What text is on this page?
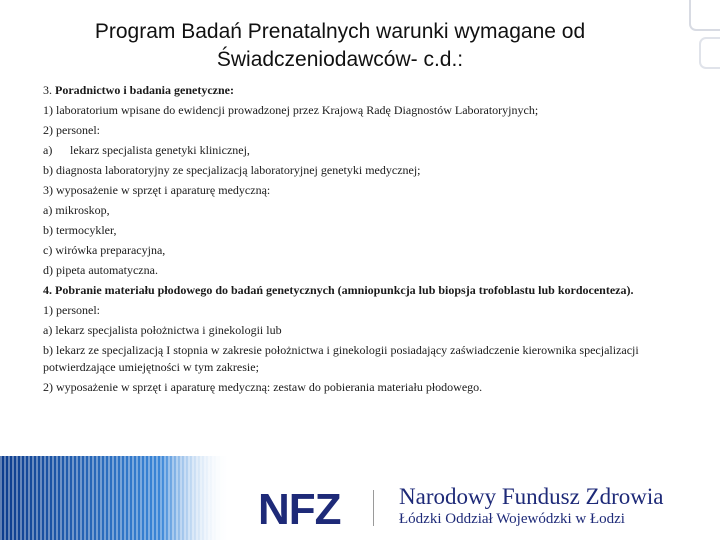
Program Badań Prenatalnych warunki wymagane od
Świadczeniodawców- c.d.:

3. Poradnictwo i badania genetyczne:

1) laboratorium wpisane do ewidencji prowadzonej przez Krajową Radę Diagnostów Laboratoryjnych;

2) personel:

a) lekarz specjalista genetyki klinicznej,

b) diagnosta laboratoryjny ze specjalizacją laboratoryjnej genetyki medycznej;

3) wyposażenie w sprzęt i aparaturę medyczną:

a) mikroskop,

b) termocykler,

c) wirówka preparacyjna,

d) pipeta automatyczna.

4. Pobranie materiału płodowego do badań genetycznych (amniopunkcja lub biopsja trofoblastu lub kordocenteza).

1) personel:

a) lekarz specjalista położnictwa i ginekologii lub

b) lekarz ze specjalizacją I stopnia w zakresie położnictwa i ginekologii posiadający zaświadczenie kierownika specjalizacji potwierdzające umiejętności w tym zakresie;

2) wyposażenie w sprzęt i aparaturę medyczną: zestaw do pobierania materiału płodowego.

NFZ	Narodowy Fundusz Zdrowia
Łódzki Oddział Wojewódzki w Łodzi
